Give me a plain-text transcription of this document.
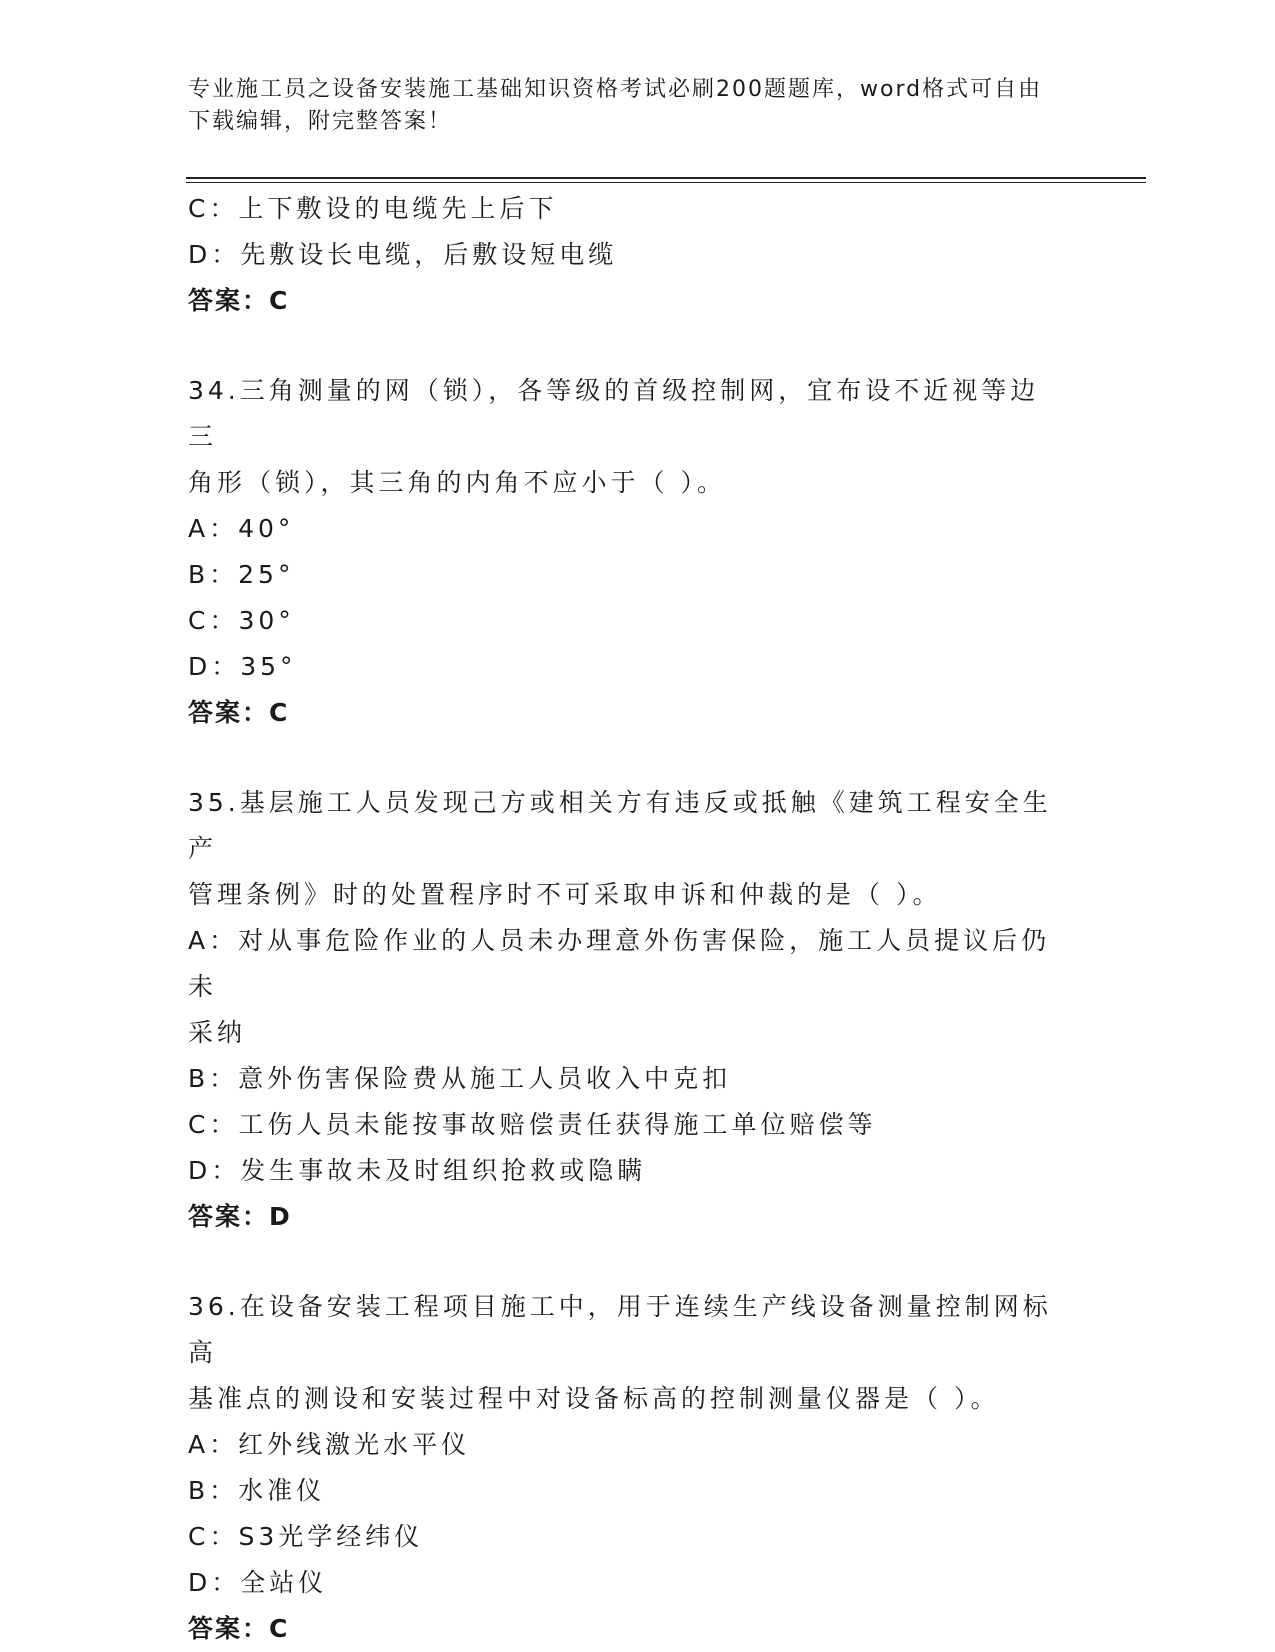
专业施工员之设备安装施工基础知识资格考试必刷200题题库，word格式可自由
下载编辑，附完整答案！
C：上下敷设的电缆先上后下
D：先敷设长电缆，后敷设短电缆
答案：C
34.三角测量的网（锁），各等级的首级控制网，宜布设不近视等边三
角形（锁），其三角的内角不应小于（ ）。
A：40°
B：25°
C：30°
D：35°
答案：C
35.基层施工人员发现己方或相关方有违反或抵触《建筑工程安全生产
管理条例》时的处置程序时不可采取申诉和仲裁的是（ ）。
A：对从事危险作业的人员未办理意外伤害保险，施工人员提议后仍未
采纳
B：意外伤害保险费从施工人员收入中克扣
C：工伤人员未能按事故赔偿责任获得施工单位赔偿等
D：发生事故未及时组织抢救或隐瞒
答案：D
36.在设备安装工程项目施工中，用于连续生产线设备测量控制网标高
基准点的测设和安装过程中对设备标高的控制测量仪器是（ ）。
A：红外线激光水平仪
B：水准仪
C：S3光学经纬仪
D：全站仪
答案：C
